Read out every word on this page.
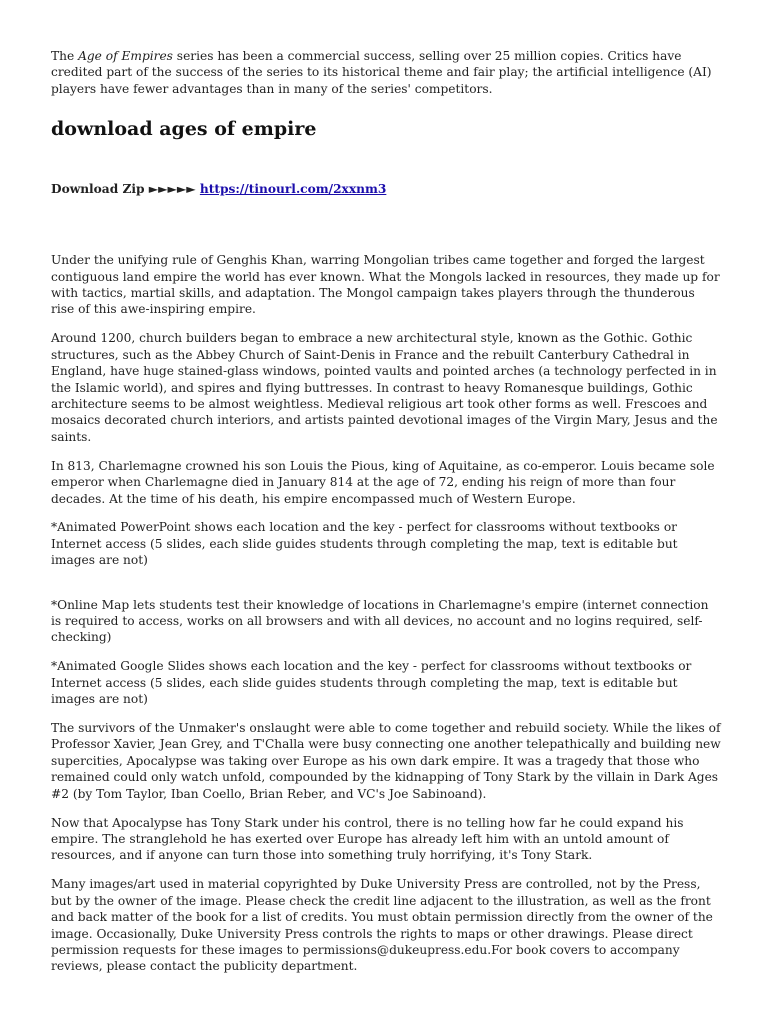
The Age of Empires series has been a commercial success, selling over 25 million copies. Critics have credited part of the success of the series to its historical theme and fair play; the artificial intelligence (AI) players have fewer advantages than in many of the series' competitors.

download ages of empire

Download Zip ►►►►► https://tinourl.com/2xxnm3

Under the unifying rule of Genghis Khan, warring Mongolian tribes came together and forged the largest contiguous land empire the world has ever known. What the Mongols lacked in resources, they made up for with tactics, martial skills, and adaptation. The Mongol campaign takes players through the thunderous rise of this awe-inspiring empire.

Around 1200, church builders began to embrace a new architectural style, known as the Gothic. Gothic structures, such as the Abbey Church of Saint-Denis in France and the rebuilt Canterbury Cathedral in England, have huge stained-glass windows, pointed vaults and pointed arches (a technology perfected in in the Islamic world), and spires and flying buttresses. In contrast to heavy Romanesque buildings, Gothic architecture seems to be almost weightless. Medieval religious art took other forms as well. Frescoes and mosaics decorated church interiors, and artists painted devotional images of the Virgin Mary, Jesus and the saints.

In 813, Charlemagne crowned his son Louis the Pious, king of Aquitaine, as co-emperor. Louis became sole emperor when Charlemagne died in January 814 at the age of 72, ending his reign of more than four decades. At the time of his death, his empire encompassed much of Western Europe.

*Animated PowerPoint shows each location and the key - perfect for classrooms without textbooks or Internet access (5 slides, each slide guides students through completing the map, text is editable but images are not)

*Online Map lets students test their knowledge of locations in Charlemagne's empire (internet connection is required to access, works on all browsers and with all devices, no account and no logins required, self-checking)

*Animated Google Slides shows each location and the key - perfect for classrooms without textbooks or Internet access (5 slides, each slide guides students through completing the map, text is editable but images are not)

The survivors of the Unmaker's onslaught were able to come together and rebuild society. While the likes of Professor Xavier, Jean Grey, and T'Challa were busy connecting one another telepathically and building new supercities, Apocalypse was taking over Europe as his own dark empire. It was a tragedy that those who remained could only watch unfold, compounded by the kidnapping of Tony Stark by the villain in Dark Ages #2 (by Tom Taylor, Iban Coello, Brian Reber, and VC's Joe Sabinoand).

Now that Apocalypse has Tony Stark under his control, there is no telling how far he could expand his empire. The stranglehold he has exerted over Europe has already left him with an untold amount of resources, and if anyone can turn those into something truly horrifying, it's Tony Stark.

Many images/art used in material copyrighted by Duke University Press are controlled, not by the Press, but by the owner of the image. Please check the credit line adjacent to the illustration, as well as the front and back matter of the book for a list of credits. You must obtain permission directly from the owner of the image. Occasionally, Duke University Press controls the rights to maps or other drawings. Please direct permission requests for these images to permissions@dukeupress.edu.For book covers to accompany reviews, please contact the publicity department.
